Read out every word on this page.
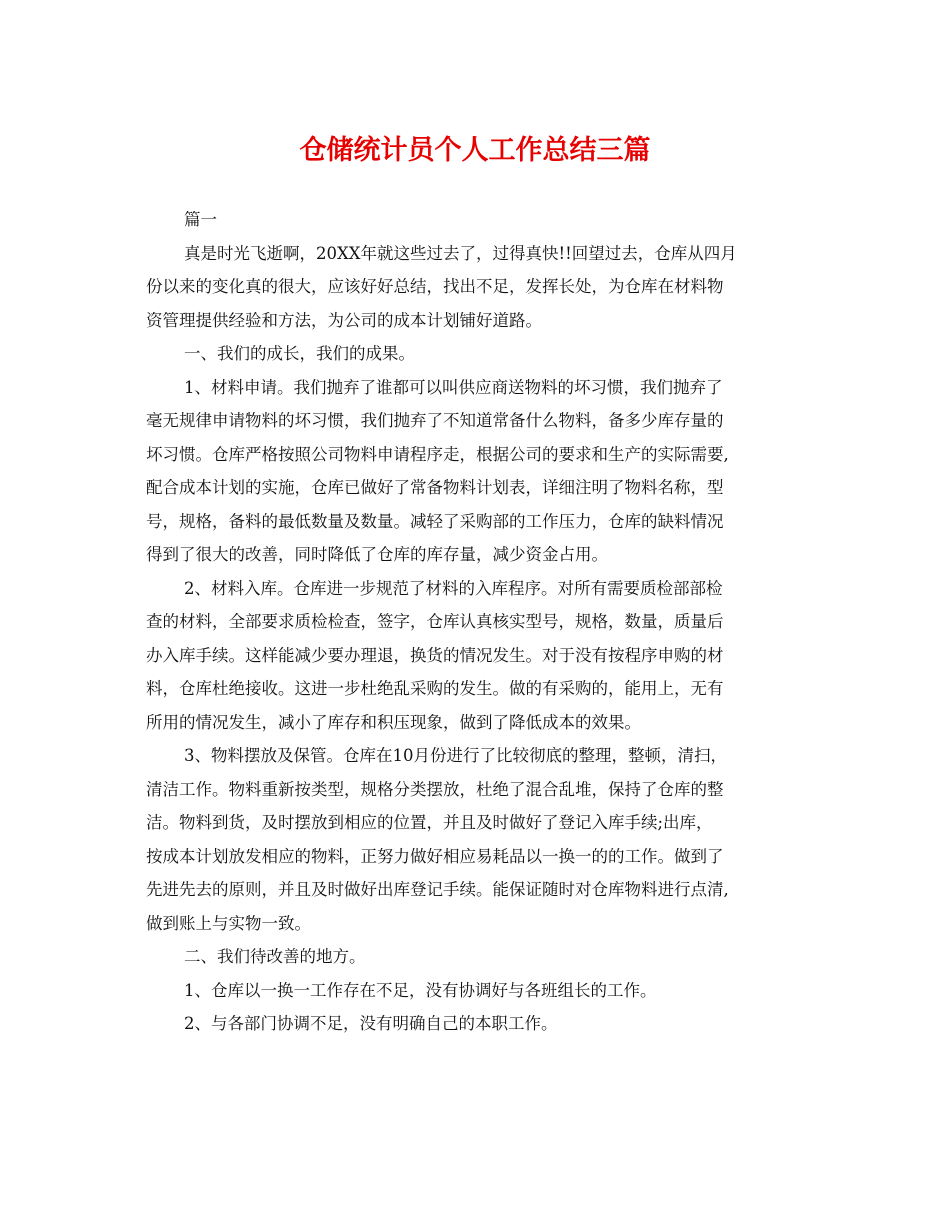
仓储统计员个人工作总结三篇
篇一
真是时光飞逝啊，20XX年就这些过去了，过得真快!!回望过去，仓库从四月
份以来的变化真的很大，应该好好总结，找出不足，发挥长处，为仓库在材料物
资管理提供经验和方法，为公司的成本计划铺好道路。
一、我们的成长，我们的成果。
1、材料申请。我们抛弃了谁都可以叫供应商送物料的坏习惯，我们抛弃了
毫无规律申请物料的坏习惯，我们抛弃了不知道常备什么物料，备多少库存量的
坏习惯。仓库严格按照公司物料申请程序走，根据公司的要求和生产的实际需要,
配合成本计划的实施，仓库已做好了常备物料计划表，详细注明了物料名称，型
号，规格，备料的最低数量及数量。减轻了采购部的工作压力，仓库的缺料情况
得到了很大的改善，同时降低了仓库的库存量，减少资金占用。
2、材料入库。仓库进一步规范了材料的入库程序。对所有需要质检部部检
查的材料，全部要求质检检查，签字，仓库认真核实型号，规格，数量，质量后
办入库手续。这样能减少要办理退，换货的情况发生。对于没有按程序申购的材
料，仓库杜绝接收。这进一步杜绝乱采购的发生。做的有采购的，能用上，无有
所用的情况发生，减小了库存和积压现象，做到了降低成本的效果。
3、物料摆放及保管。仓库在10月份进行了比较彻底的整理，整顿，清扫，
清洁工作。物料重新按类型，规格分类摆放，杜绝了混合乱堆，保持了仓库的整
洁。物料到货，及时摆放到相应的位置，并且及时做好了登记入库手续;出库，
按成本计划放发相应的物料，正努力做好相应易耗品以一换一的的工作。做到了
先进先去的原则，并且及时做好出库登记手续。能保证随时对仓库物料进行点清,
做到账上与实物一致。
二、我们待改善的地方。
1、仓库以一换一工作存在不足，没有协调好与各班组长的工作。
2、与各部门协调不足，没有明确自己的本职工作。
